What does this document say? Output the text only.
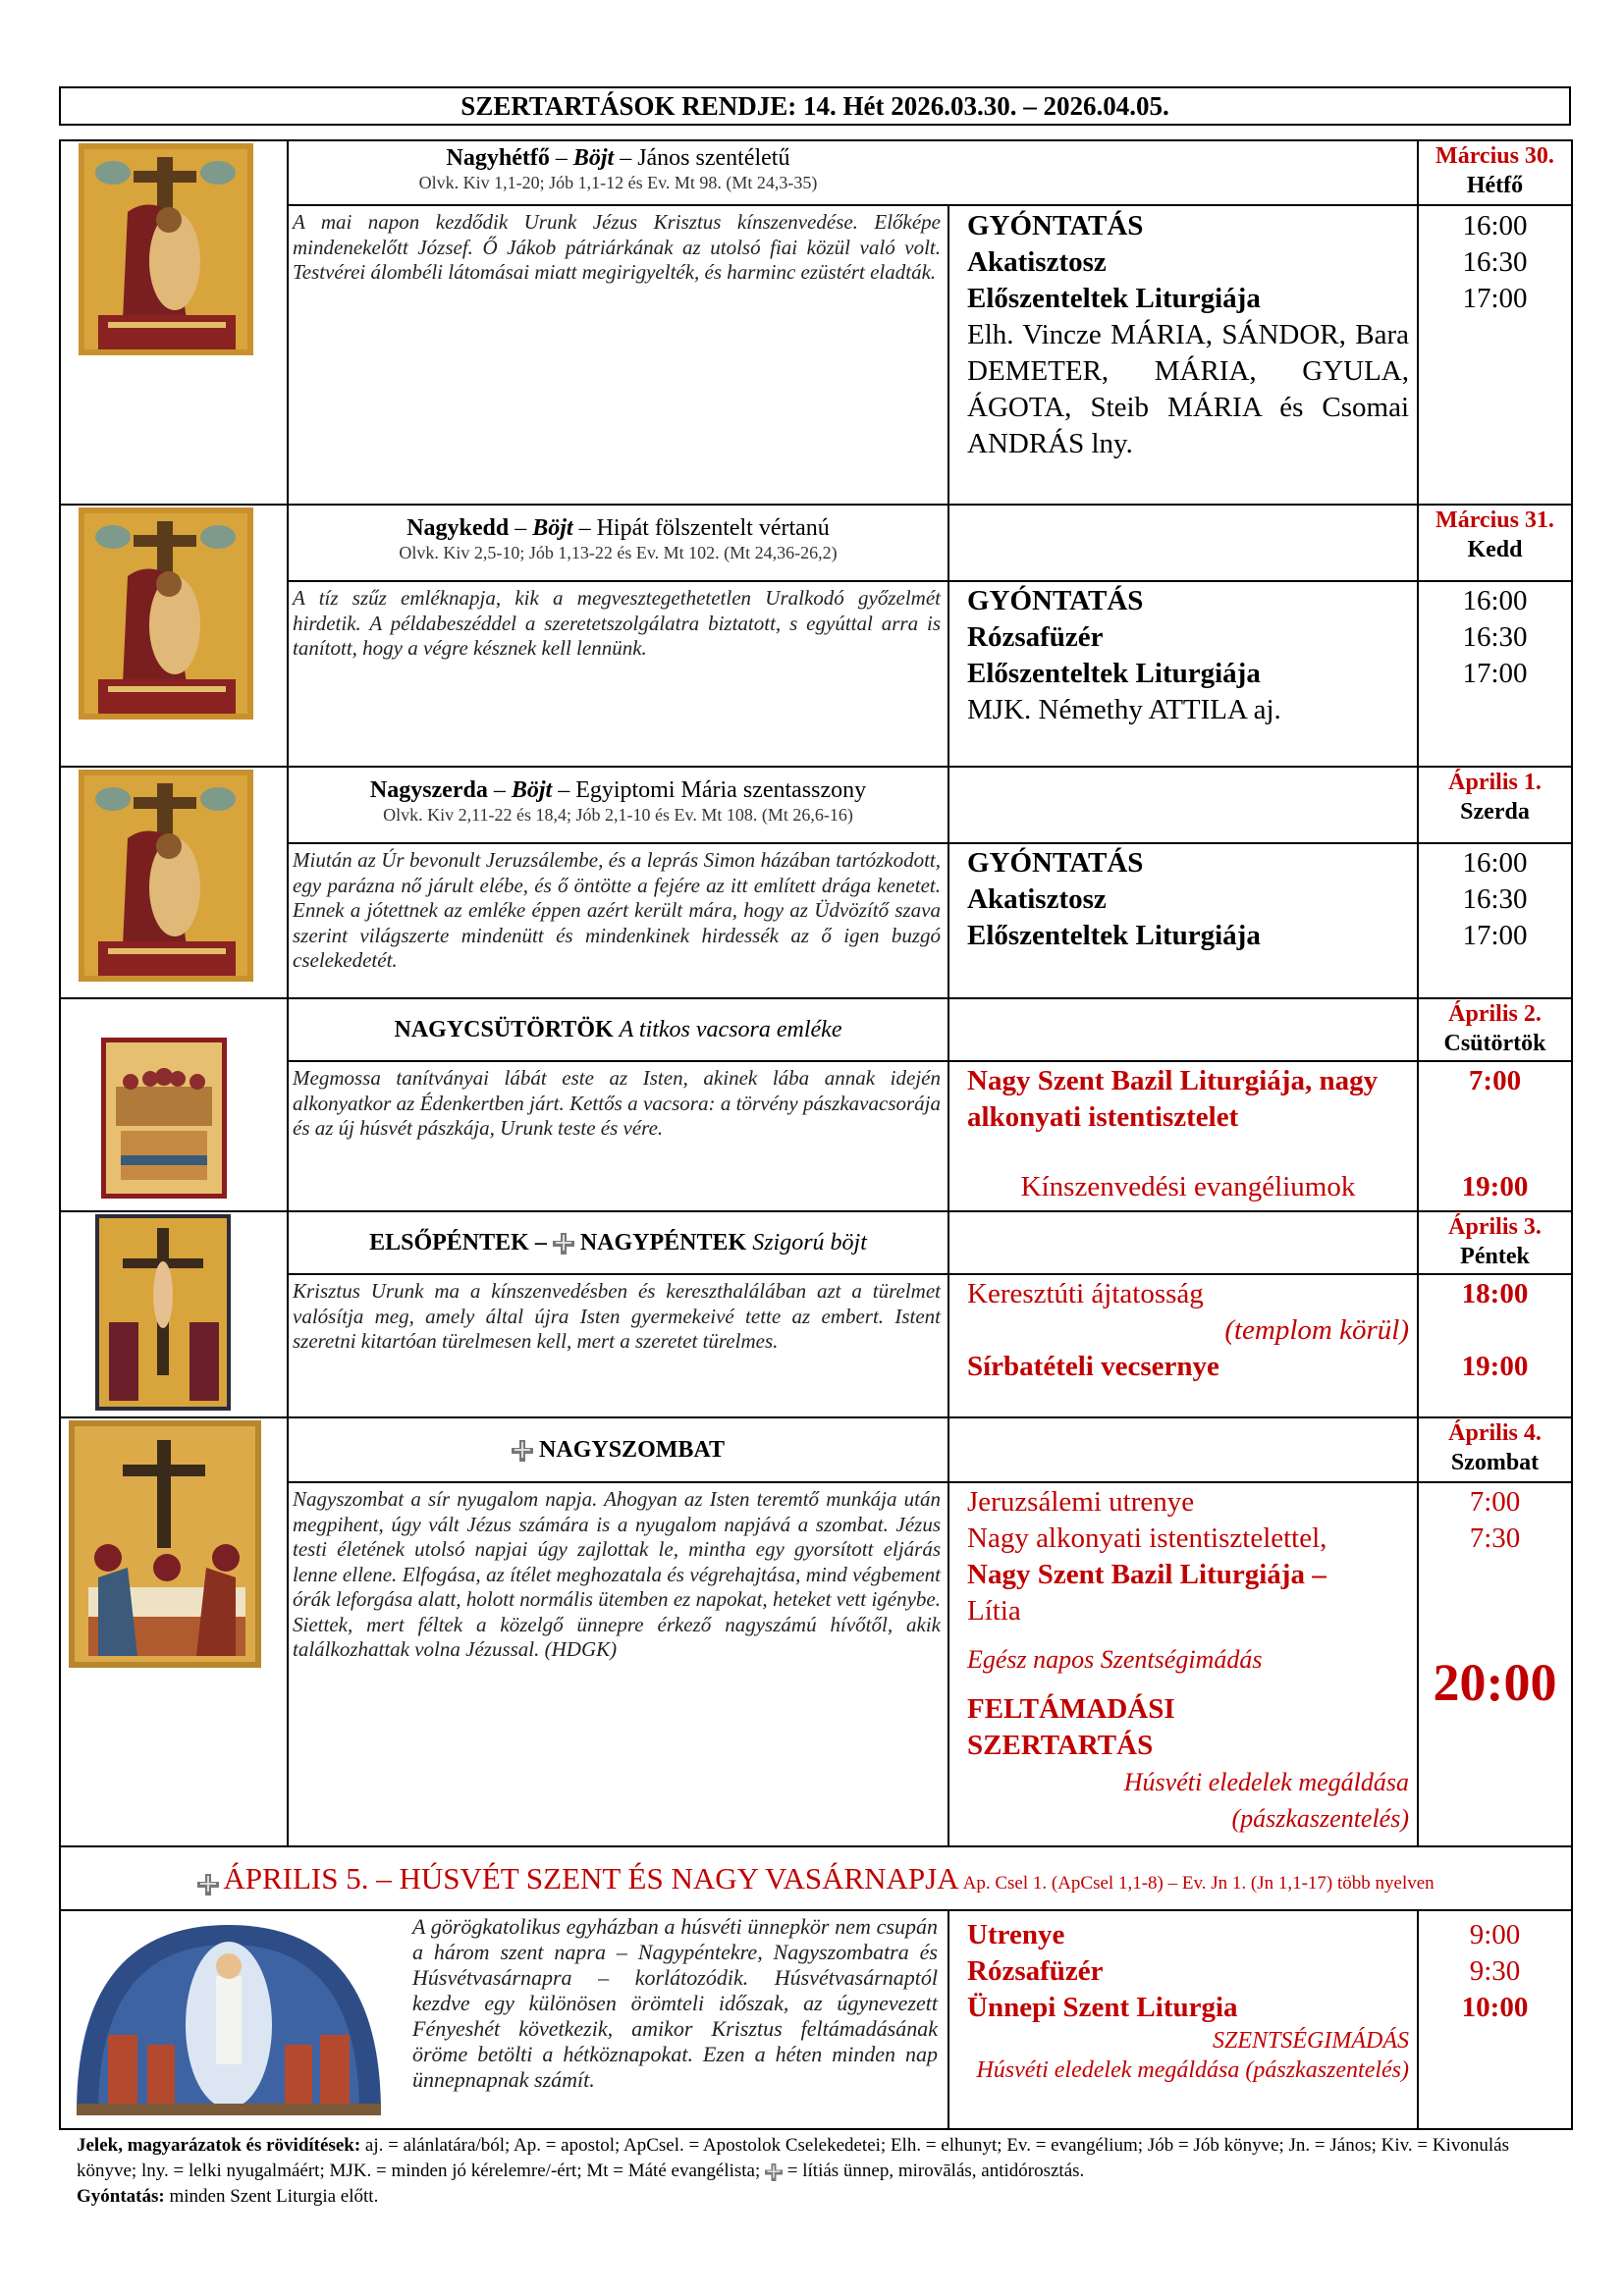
SZERTARTÁSOK RENDJE: 14. Hét 2026.03.30. – 2026.04.05.
Nagyhétfő – Böjt – János szentéletű
Olvk. Kiv 1,1-20; Jób 1,1-12 és Ev. Mt 98. (Mt 24,3-35)
Március 30.
Hétfő
A mai napon kezdődik Urunk Jézus Krisztus kínszenvedése. Előképe mindenekelőtt József. Ő Jákob pátriárkának az utolsó fiai közül való volt. Testvérei álombéli látomásai miatt megirigyelték, és harminc ezüstért eladták.
GYÓNTATÁS
Akatisztosz
Előszenteltek Liturgiája
Elh. Vincze MÁRIA, SÁNDOR, Bara DEMETER, MÁRIA, GYULA, ÁGOTA, Steib MÁRIA és Csomai ANDRÁS lny.
16:00
16:30
17:00
Nagykedd – Böjt – Hipát fölszentelt vértanú
Olvk. Kiv 2,5-10; Jób 1,13-22 és Ev. Mt 102. (Mt 24,36-26,2)
Március 31.
Kedd
A tíz szűz emléknapja, kik a megvesztegethetetlen Uralkodó győzelmét hirdetik. A példabeszéddel a szeretetszolgálatra biztatott, s egyúttal arra is tanított, hogy a végre késznek kell lennünk.
GYÓNTATÁS
Rózsafüzér
Előszenteltek Liturgiája
MJK. Némethy ATTILA aj.
16:00
16:30
17:00
Nagyszerda – Böjt – Egyiptomi Mária szentasszony
Olvk. Kiv 2,11-22 és 18,4; Jób 2,1-10 és Ev. Mt 108. (Mt 26,6-16)
Április 1.
Szerda
Miután az Úr bevonult Jeruzsálembe, és a leprás Simon házában tartózkodott, egy parázna nő járult elébe, és ő öntötte a fejére az itt említett drága kenetet. Ennek a jótettnek az emléke éppen azért került mára, hogy az Üdvözítő szava szerint világszerte mindenütt és mindenkinek hirdessék az ő igen buzgó cselekedetét.
GYÓNTATÁS
Akatisztosz
Előszenteltek Liturgiája
16:00
16:30
17:00
NAGYCSÜTÖRTÖK A titkos vacsora emléke
Április 2.
Csütörtök
Megmossa tanítványai lábát este az Isten, akinek lába annak idején alkonyatkor az Édenkertben járt. Kettős a vacsora: a törvény pászkavacsorája és az új húsvét pászkája, Urunk teste és vére.
Nagy Szent Bazil Liturgiája, nagy alkonyati istentisztelet
Kínszenvedési evangéliumok
7:00
19:00
ELSŐPÉNTEK –  NAGYPÉNTEK Szigorú böjt
Április 3.
Péntek
Krisztus Urunk ma a kínszenvedésben és kereszthalálában azt a türelmet valósítja meg, amely által újra Isten gyermekeivé tette az embert. Istent szeretni kitartóan türelmesen kell, mert a szeretet türelmes.
Keresztúti ájtatosság
(templom körül)
Sírbatételi vecsernye
18:00
19:00
NAGYSZOMBAT
Április 4.
Szombat
Nagyszombat a sír nyugalom napja. Ahogyan az Isten teremtő munkája után megpihent, úgy vált Jézus számára is a nyugalom napjává a szombat. Jézus testi életének utolsó napjai úgy zajlottak le, mintha egy gyorsított eljárás lenne ellene. Elfogása, az ítélet meghozatala és végrehajtása, mind végbement órák leforgása alatt, holott normális ütemben ez napokat, heteket vett igénybe. Siettek, mert féltek a közelgő ünnepre érkező nagyszámú hívőtől, akik találkozhattak volna Jézussal. (HDGK)
Jeruzsálemi utrenye
Nagy alkonyati istentisztelettel,
Nagy Szent Bazil Liturgiája –
Lítia
Egész napos Szentségimádás
FELTÁMADÁSI
SZERTARTÁS
Húsvéti eledelek megáldása
(pászkaszentelés)
7:00
7:30
20:00
ÁPRILIS 5. – HÚSVÉT SZENT ÉS NAGY VASÁRNAPJA Ap. Csel 1. (ApCsel 1,1-8) – Ev. Jn 1. (Jn 1,1-17) több nyelven
A görögkatolikus egyházban a húsvéti ünnepkör nem csupán a három szent napra – Nagypéntekre, Nagyszombatra és Húsvétvasárnapra – korlátozódik. Húsvétvasárnaptól kezdve egy különösen örömteli időszak, az úgynevezett Fényeshét következik, amikor Krisztus feltámadásának öröme betölti a hétköznapokat. Ezen a héten minden nap ünnepnapnak számít.
Utrenye
Rózsafüzér
Ünnepi Szent Liturgia
SZENTSÉGIMÁDÁS
Húsvéti eledelek megáldása (pászkaszentelés)
9:00
9:30
10:00
Jelek, magyarázatok és rövidítések: aj. = alánlatára/ból; Ap. = apostol; ApCsel. = Apostolok Cselekedetei; Elh. = elhunyt; Ev. = evangélium; Jób = Jób könyve; Jn. = János; Kiv. = Kivonulás könyve; lny. = lelki nyugalmáért; MJK. = minden jó kérelemre/-ért; Mt = Máté evangélista; = lítiás ünnep, mirovālás, antidórosztás.
Gyóntatás: minden Szent Liturgia előtt.
